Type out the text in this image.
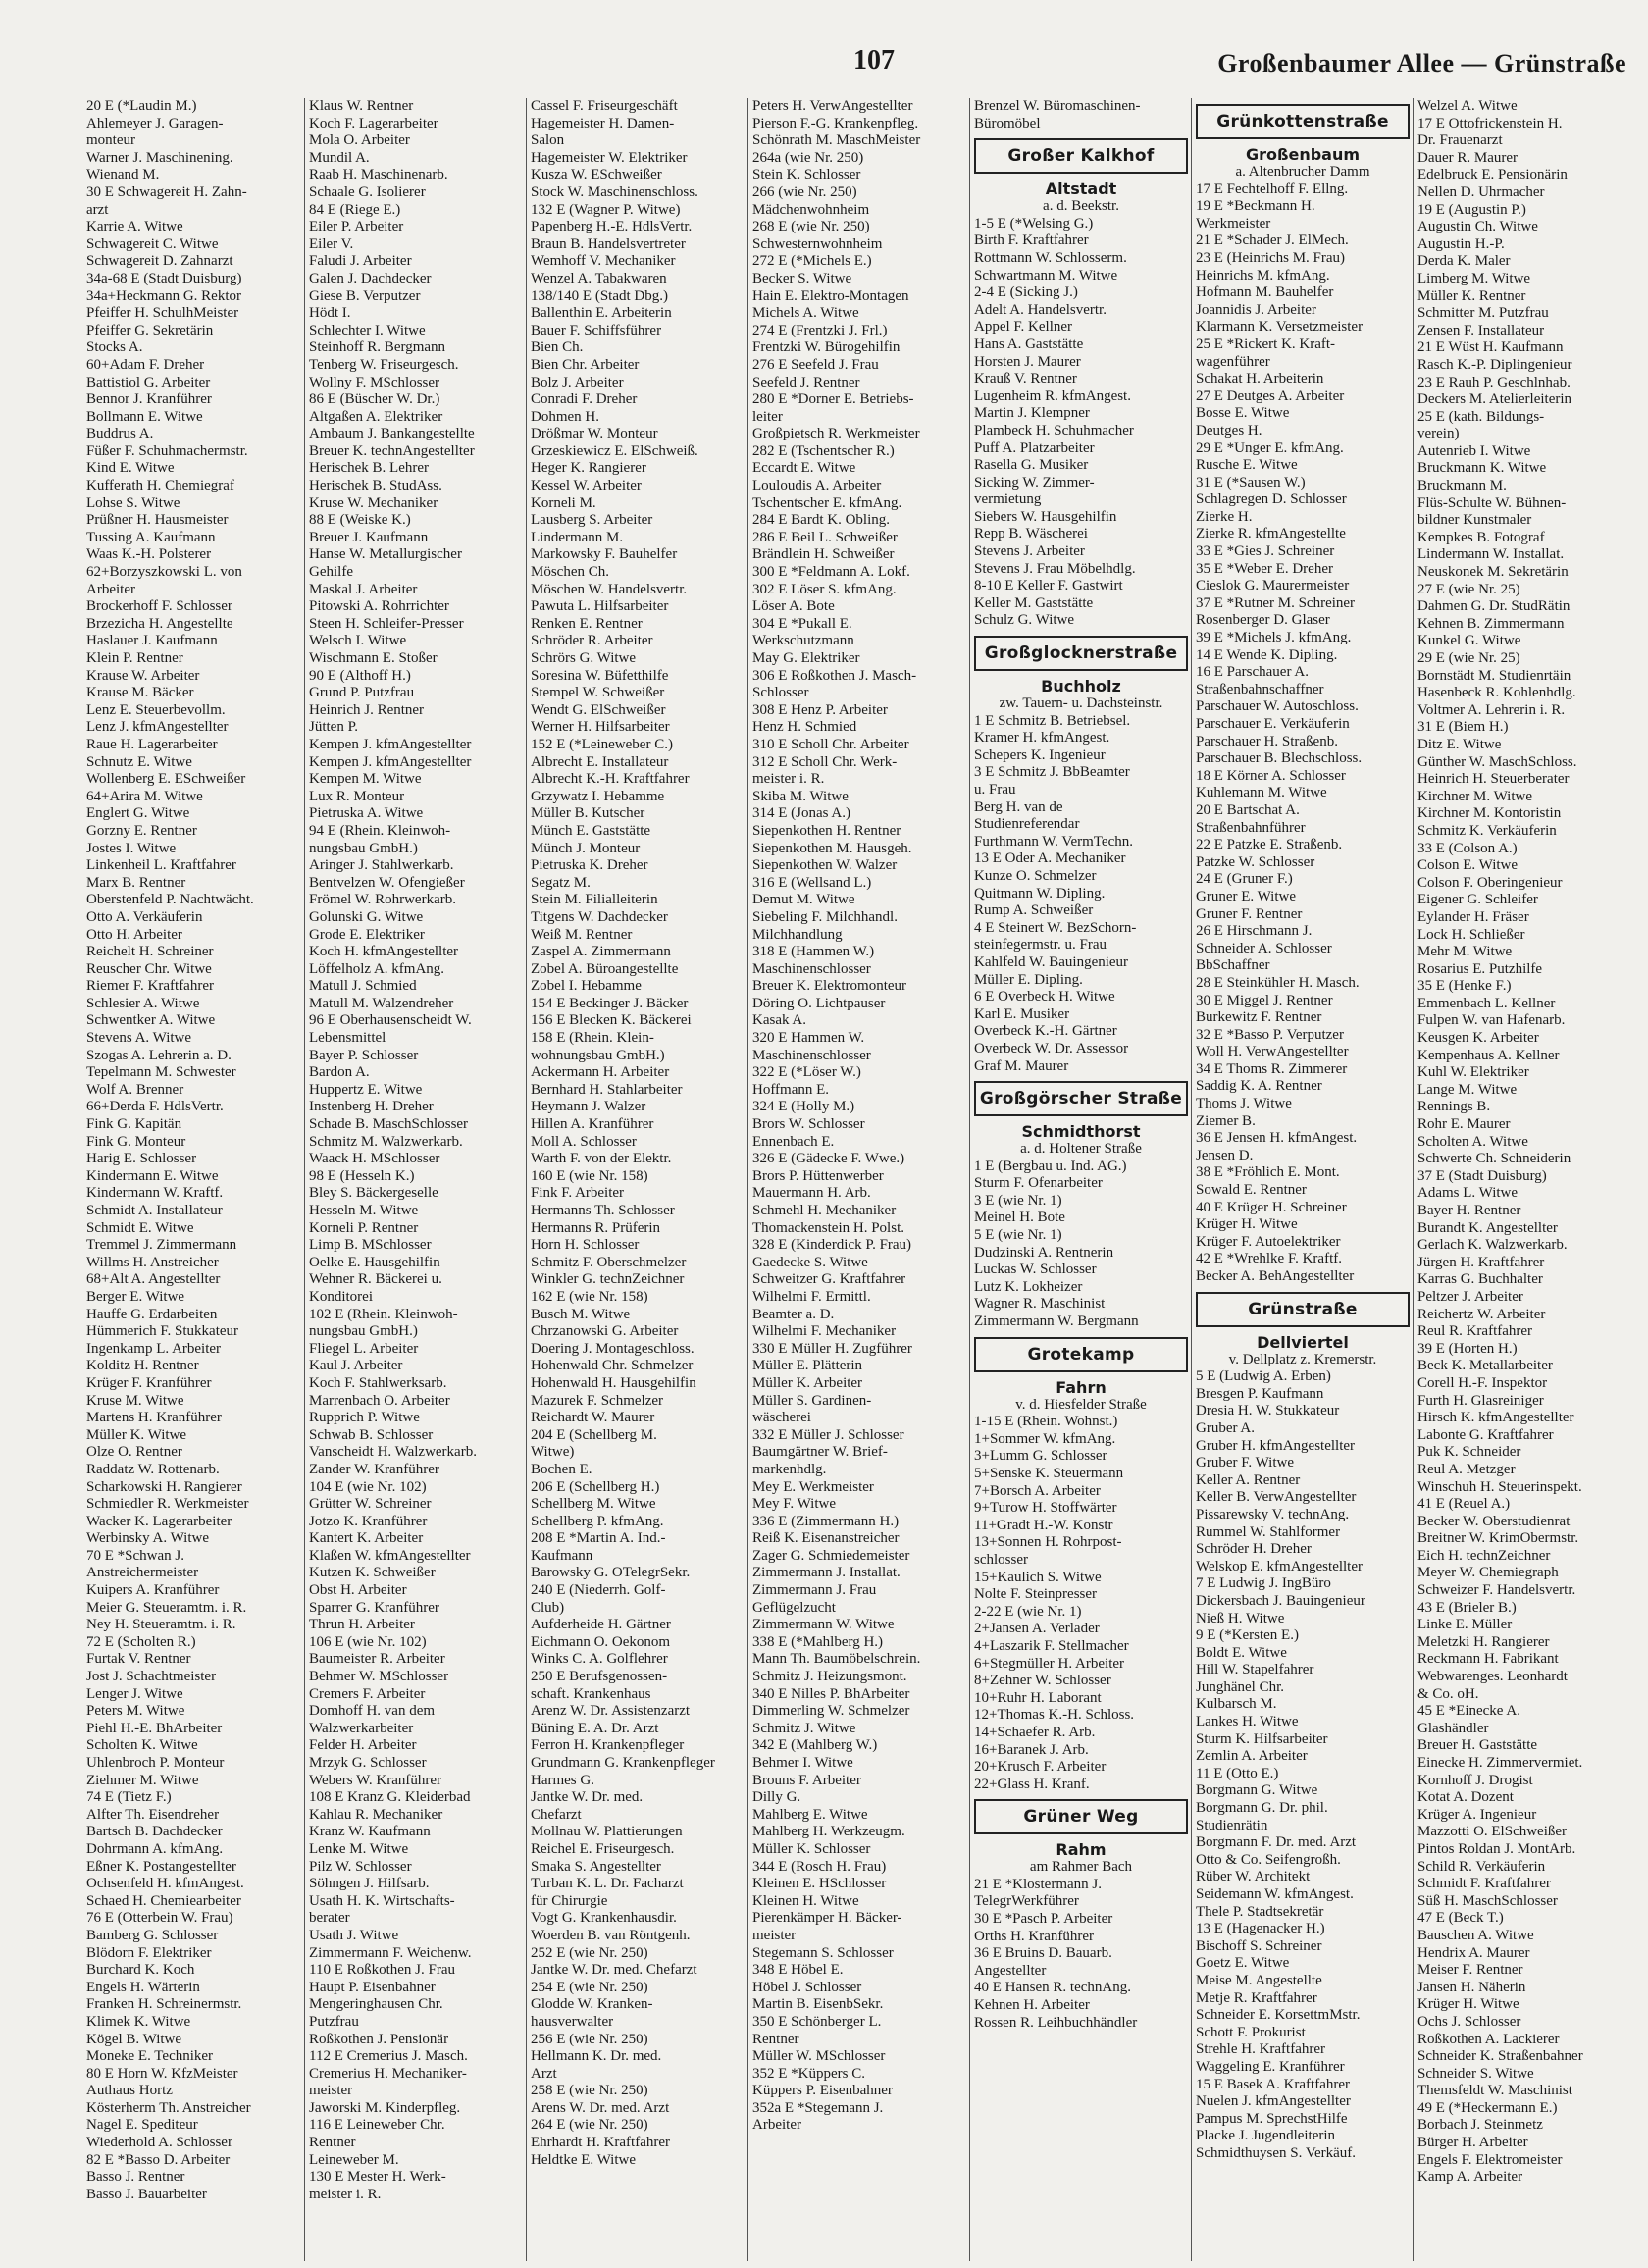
107	Großenbaumer Allee — Grünstraße
20 E (*Laudin M.)
Ahlemeyer J. Garagen-
monteur
Warner J. Maschinening.
Wienand M.
30 E Schwagereit H. Zahn-
arzt
Karrie A. Witwe
Schwagereit C. Witwe
Schwagereit D. Zahnarzt
34a-68 E (Stadt Duisburg)
34a+Heckmann G. Rektor
Pfeiffer H. SchulhMeister
Pfeiffer G. Sekretärin
Stocks A.
60+Adam F. Dreher
Battistiol G. Arbeiter
Bennor J. Kranführer
Bollmann E. Witwe
Buddrus A.
Füßer F. Schuhmachermstr.
Kind E. Witwe
Kufferath H. Chemiegraf
Lohse S. Witwe
Prüßner H. Hausmeister
Tussing A. Kaufmann
Waas K.-H. Polsterer
62+Borzyszkowski L. von
Arbeiter
Brockerhoff F. Schlosser
Brzezicha H. Angestellte
Haslauer J. Kaufmann
Klein P. Rentner
Krause W. Arbeiter
Krause M. Bäcker
Lenz E. Steuerbevollm.
Lenz J. kfmAngestellter
Raue H. Lagerarbeiter
Schnutz E. Witwe
Wollenberg E. ESchweißer
64+Arira M. Witwe
Englert G. Witwe
Gorzny E. Rentner
Jostes I. Witwe
Linkenheil L. Kraftfahrer
Marx B. Rentner
Oberstenfeld P. Nachtwächt.
Otto A. Verkäuferin
Otto H. Arbeiter
Reichelt H. Schreiner
Reuscher Chr. Witwe
Riemer F. Kraftfahrer
Schlesier A. Witwe
Schwentker A. Witwe
Stevens A. Witwe
Szogas A. Lehrerin a. D.
Tepelmann M. Schwester
Wolf A. Brenner
66+Derda F. HdlsVertr.
Fink G. Kapitän
Fink G. Monteur
Harig E. Schlosser
Kindermann E. Witwe
Kindermann W. Kraftf.
Schmidt A. Installateur
Schmidt E. Witwe
Tremmel J. Zimmermann
Willms H. Anstreicher
68+Alt A. Angestellter
Berger E. Witwe
Hauffe G. Erdarbeiten
Hümmerich F. Stukkateur
Ingenkamp L. Arbeiter
Kolditz H. Rentner
Krüger F. Kranführer
Kruse M. Witwe
Martens H. Kranführer
Müller K. Witwe
Olze O. Rentner
Raddatz W. Rottenarb.
Scharkowski H. Rangierer
Schmiedler R. Werkmeister
Wacker K. Lagerarbeiter
Werbinsky A. Witwe
70 E *Schwan J.
Anstreichermeister
Kuipers A. Kranführer
Meier G. Steueramtm. i. R.
Ney H. Steueramtm. i. R.
72 E (Scholten R.)
Furtak V. Rentner
Jost J. Schachtmeister
Lenger J. Witwe
Peters M. Witwe
Piehl H.-E. BhArbeiter
Scholten K. Witwe
Uhlenbroch P. Monteur
Ziehmer M. Witwe
74 E (Tietz F.)
Alfter Th. Eisendreher
Bartsch B. Dachdecker
Dohrmann A. kfmAng.
Eßner K. Postangestellter
Ochsenfeld H. kfmAngest.
Schaed H. Chemiearbeiter
76 E (Otterbein W. Frau)
Bamberg G. Schlosser
Blödorn F. Elektriker
Burchard K. Koch
Engels H. Wärterin
Franken H. Schreinermstr.
Klimek K. Witwe
Kögel B. Witwe
Moneke E. Techniker
80 E Horn W. KfzMeister
Authaus Hortz
Kösterherm Th. Anstreicher
Nagel E. Spediteur
Wiederhold A. Schlosser
82 E *Basso D. Arbeiter
Basso J. Rentner
Basso J. Bauarbeiter
Klaus W. Rentner
Koch F. Lagerarbeiter
Mola O. Arbeiter
Mundil A.
Raab H. Maschinenarb.
Schaale G. Isolierer
84 E (Riege E.)
Eiler P. Arbeiter
Eiler V.
Faludi J. Arbeiter
Galen J. Dachdecker
Giese B. Verputzer
Hödt I.
Schlechter I. Witwe
Steinhoff R. Bergmann
Tenberg W. Friseurgesch.
Wollny F. MSchlosser
86 E (Büscher W. Dr.)
Altgaßen A. Elektriker
Ambaum J. Bankangestellte
Breuer K. technAngestellter
Herischek B. Lehrer
Herischek B. StudAss.
Kruse W. Mechaniker
88 E (Weiske K.)
Breuer J. Kaufmann
Hanse W. Metallurgischer
Gehilfe
Maskal J. Arbeiter
Pitowski A. Rohrrichter
Steen H. Schleifer-Presser
Welsch I. Witwe
Wischmann E. Stoßer
90 E (Althoff H.)
Grund P. Putzfrau
Heinrich J. Rentner
Jütten P.
Kempen J. kfmAngestellter
Kempen J. kfmAngestellter
Kempen M. Witwe
Lux R. Monteur
Pietruska A. Witwe
94 E (Rhein. Kleinwoh-
nungsbau GmbH.)
Aringer J. Stahlwerkarb.
Bentvelzen W. Ofengießer
Frömel W. Rohrwerkarb.
Golunski G. Witwe
Grode E. Elektriker
Koch H. kfmAngestellter
Löffelholz A. kfmAng.
Matull J. Schmied
Matull M. Walzendreher
96 E Oberhausenscheidt W.
Lebensmittel
Bayer P. Schlosser
Bardon A.
Huppertz E. Witwe
Instenberg H. Dreher
Schade B. MaschSchlosser
Schmitz M. Walzwerkarb.
Waack H. MSchlosser
98 E (Hesseln K.)
Bley S. Bäckergeselle
Hesseln M. Witwe
Korneli P. Rentner
Limp B. MSchlosser
Oelke E. Hausgehilfin
Wehner R. Bäckerei u.
Konditorei
102 E (Rhein. Kleinwoh-
nungsbau GmbH.)
Fliegel L. Arbeiter
Kaul J. Arbeiter
Koch F. Stahlwerksarb.
Marrenbach O. Arbeiter
Rupprich P. Witwe
Schwab B. Schlosser
Vanscheidt H. Walzwerkarb.
Zander W. Kranführer
104 E (wie Nr. 102)
Grütter W. Schreiner
Jotzo K. Kranführer
Kantert K. Arbeiter
Klaßen W. kfmAngestellter
Kutzen K. Schweißer
Obst H. Arbeiter
Sparrer G. Kranführer
Thrun H. Arbeiter
106 E (wie Nr. 102)
Baumeister R. Arbeiter
Behmer W. MSchlosser
Cremers F. Arbeiter
Domhoff H. van dem
Walzwerkarbeiter
Felder H. Arbeiter
Mrzyk G. Schlosser
Webers W. Kranführer
108 E Kranz G. Kleiderbad
Kahlau R. Mechaniker
Kranz W. Kaufmann
Lenke M. Witwe
Pilz W. Schlosser
Söhngen J. Hilfsarb.
Usath H. K. Wirtschafts-
berater
Usath J. Witwe
Zimmermann F. Weichenw.
110 E Roßkothen J. Frau
Haupt P. Eisenbahner
Mengeringhausen Chr.
Putzfrau
Roßkothen J. Pensionär
112 E Cremerius J. Masch.
Cremerius H. Mechaniker-
meister
Jaworski M. Kinderpfleg.
116 E Leineweber Chr.
Rentner
Leineweber M.
130 E Mester H. Werk-
meister i. R.
Cassel F. Friseurgeschäft
Hagemeister H. Damen-
Salon
Hagemeister W. Elektriker
Kusza W. ESchweißer
Stock W. Maschinenschloss.
132 E (Wagner P. Witwe)
Papenberg H.-E. HdlsVertr.
Braun B. Handelsvertreter
Wemhoff V. Mechaniker
Wenzel A. Tabakwaren
138/140 E (Stadt Dbg.)
Ballenthin E. Arbeiterin
Bauer F. Schiffsführer
Bien Ch.
Bien Chr. Arbeiter
Bolz J. Arbeiter
Conradi F. Dreher
Dohmen H.
Drößmar W. Monteur
Grzeskiewicz E. ElSchweiß.
Heger K. Rangierer
Kessel W. Arbeiter
Korneli M.
Lausberg S. Arbeiter
Lindermann M.
Markowsky F. Bauhelfer
Möschen Ch.
Möschen W. Handelsvertr.
Pawuta L. Hilfsarbeiter
Renken E. Rentner
Schröder R. Arbeiter
Schrörs G. Witwe
Soresina W. Büfetthilfe
Stempel W. Schweißer
Wendt G. ElSchweißer
Werner H. Hilfsarbeiter
152 E (*Leineweber C.)
Albrecht E. Installateur
Albrecht K.-H. Kraftfahrer
Grzywatz I. Hebamme
Müller B. Kutscher
Münch E. Gaststätte
Münch J. Monteur
Pietruska K. Dreher
Segatz M.
Stein M. Filialleiterin
Titgens W. Dachdecker
Weiß M. Rentner
Zaspel A. Zimmermann
Zobel A. Büroangestellte
Zobel I. Hebamme
154 E Beckinger J. Bäcker
156 E Blecken K. Bäckerei
158 E (Rhein. Klein-
wohnungsbau GmbH.)
Ackermann H. Arbeiter
Bernhard H. Stahlarbeiter
Heymann J. Walzer
Hillen A. Kranführer
Moll A. Schlosser
Warth F. von der Elektr.
160 E (wie Nr. 158)
Fink F. Arbeiter
Hermanns Th. Schlosser
Hermanns R. Prüferin
Horn H. Schlosser
Schmitz F. Oberschmelzer
Winkler G. technZeichner
162 E (wie Nr. 158)
Busch M. Witwe
Chrzanowski G. Arbeiter
Doering J. Montageschloss.
Hohenwald Chr. Schmelzer
Hohenwald H. Hausgehilfin
Mazurek F. Schmelzer
Reichardt W. Maurer
204 E (Schellberg M.
Witwe)
Bochen E.
206 E (Schellberg H.)
Schellberg M. Witwe
Schellberg P. kfmAng.
208 E *Martin A. Ind.-
Kaufmann
Barowsky G. OTelegrSekr.
240 E (Niederrh. Golf-
Club)
Aufderheide H. Gärtner
Eichmann O. Oekonom
Winks C. A. Golflehrer
250 E Berufsgenossen-
schaft. Krankenhaus
Arenz W. Dr. Assistenzarzt
Büning E. A. Dr. Arzt
Ferron H. Krankenpfleger
Grundmann G. Krankenpfleger
Harmes G.
Jantke W. Dr. med.
Chefarzt
Mollnau W. Plattierungen
Reichel E. Friseurgesch.
Smaka S. Angestellter
Turban K. L. Dr. Facharzt
für Chirurgie
Vogt G. Krankenhausdir.
Woerden B. van Röntgenh.
252 E (wie Nr. 250)
Jantke W. Dr. med. Chefarzt
254 E (wie Nr. 250)
Glodde W. Kranken-
hausverwalter
256 E (wie Nr. 250)
Hellmann K. Dr. med.
Arzt
258 E (wie Nr. 250)
Arens W. Dr. med. Arzt
264 E (wie Nr. 250)
Ehrhardt H. Kraftfahrer
Heldtke E. Witwe
Peters H. VerwAngestellter
Pierson F.-G. Krankenpfleg.
Schönrath M. MaschMeister
264a (wie Nr. 250)
Stein K. Schlosser
266 (wie Nr. 250)
Mädchenwohnheim
268 E (wie Nr. 250)
Schwesternwohnheim
272 E (*Michels E.)
Becker S. Witwe
Hain E. Elektro-Montagen
Michels A. Witwe
274 E (Frentzki J. Frl.)
Frentzki W. Bürogehilfin
276 E Seefeld J. Frau
Seefeld J. Rentner
280 E *Dorner E. Betriebs-
leiter
Großpietsch R. Werkmeister
282 E (Tschentscher R.)
Eccardt E. Witwe
Louloudis A. Arbeiter
Tschentscher E. kfmAng.
284 E Bardt K. Obling.
286 E Beil L. Schweißer
Brändlein H. Schweißer
300 E *Feldmann A. Lokf.
302 E Löser S. kfmAng.
Löser A. Bote
304 E *Pukall E.
Werkschutzmann
May G. Elektriker
306 E Roßkothen J. Masch-
Schlosser
308 E Henz P. Arbeiter
Henz H. Schmied
310 E Scholl Chr. Arbeiter
312 E Scholl Chr. Werk-
meister i. R.
Skiba M. Witwe
314 E (Jonas A.)
Siepenkothen H. Rentner
Siepenkothen M. Hausgeh.
Siepenkothen W. Walzer
316 E (Wellsand L.)
Demut M. Witwe
Siebeling F. Milchhandl.
Milchhandlung
318 E (Hammen W.)
Maschinenschlosser
Breuer K. Elektromonteur
Döring O. Lichtpauser
Kasak A.
320 E Hammen W.
Maschinenschlosser
322 E (*Löser W.)
Hoffmann E.
324 E (Holly M.)
Brors W. Schlosser
Ennenbach E.
326 E (Gädecke F. Wwe.)
Brors P. Hüttenwerber
Mauermann H. Arb.
Schmehl H. Mechaniker
Thomackenstein H. Polst.
328 E (Kinderdick P. Frau)
Gaedecke S. Witwe
Schweitzer G. Kraftfahrer
Wilhelmi F. Ermittl.
Beamter a. D.
Wilhelmi F. Mechaniker
330 E Müller H. Zugführer
Müller E. Plätterin
Müller K. Arbeiter
Müller S. Gardinen-
wäscherei
332 E Müller J. Schlosser
Baumgärtner W. Brief-
markenhdlg.
Mey E. Werkmeister
Mey F. Witwe
336 E (Zimmermann H.)
Reiß K. Eisenanstreicher
Zager G. Schmiedemeister
Zimmermann J. Installat.
Zimmermann J. Frau
Geflügelzucht
Zimmermann W. Witwe
338 E (*Mahlberg H.)
Mann Th. Baumöbelschrein.
Schmitz J. Heizungsmont.
340 E Nilles P. BhArbeiter
Dimmerling W. Schmelzer
Schmitz J. Witwe
342 E (Mahlberg W.)
Behmer I. Witwe
Brouns F. Arbeiter
Dilly G.
Mahlberg E. Witwe
Mahlberg H. Werkzeugm.
Müller K. Schlosser
344 E (Rosch H. Frau)
Kleinen E. HSchlosser
Kleinen H. Witwe
Pierenkämper H. Bäcker-
meister
Stegemann S. Schlosser
348 E Höbel E.
Höbel J. Schlosser
Martin B. EisenbSekr.
350 E Schönberger L.
Rentner
Müller W. MSchlosser
352 E *Küppers C.
Küppers P. Eisenbahner
352a E *Stegemann J.
Arbeiter
Brenzel W. Büromaschinen-
Büromöbel
Großer Kalkhof
Altstadt
a. d. Beekstr.
1-5 E (*Welsing G.)
Birth F. Kraftfahrer
Rottmann W. Schlosserm.
Schwartmann M. Witwe
2-4 E (Sicking J.)
Adelt A. Handelsvertr.
Appel F. Kellner
Hans A. Gaststätte
Horsten J. Maurer
Krauß V. Rentner
Lugenheim R. kfmAngest.
Martin J. Klempner
Plambeck H. Schuhmacher
Puff A. Platzarbeiter
Rasella G. Musiker
Sicking W. Zimmer-
vermietung
Siebers W. Hausgehilfin
Repp B. Wäscherei
Stevens J. Arbeiter
Stevens J. Frau Möbelhdlg.
8-10 E Keller F. Gastwirt
Keller M. Gaststätte
Schulz G. Witwe
Großglocknerstraße
Buchholz
zw. Tauern- u. Dachsteinstr.
1 E Schmitz B. Betriebsel.
Kramer H. kfmAngest.
Schepers K. Ingenieur
3 E Schmitz J. BbBeamter
u. Frau
Berg H. van de
Studienreferendar
Furthmann W. VermTechn.
13 E Oder A. Mechaniker
Kunze O. Schmelzer
Quitmann W. Dipling.
Rump A. Schweißer
4 E Steinert W. BezSchorn-
steinfegermstr. u. Frau
Kahlfeld W. Bauingenieur
Müller E. Dipling.
6 E Overbeck H. Witwe
Karl E. Musiker
Overbeck K.-H. Gärtner
Overbeck W. Dr. Assessor
Graf M. Maurer
Großgörscher Straße
Schmidthorst
a. d. Holtener Straße
1 E (Bergbau u. Ind. AG.)
Sturm F. Ofenarbeiter
3 E (wie Nr. 1)
Meinel H. Bote
5 E (wie Nr. 1)
Dudzinski A. Rentnerin
Luckas W. Schlosser
Lutz K. Lokheizer
Wagner R. Maschinist
Zimmermann W. Bergmann
Grotekamp
Fahrn
v. d. Hiesfelder Straße
1-15 E (Rhein. Wohnst.)
1+Sommer W. kfmAng.
3+Lumm G. Schlosser
5+Senske K. Steuermann
7+Borsch A. Arbeiter
9+Turow H. Stoffwärter
11+Gradt H.-W. Konstr
13+Sonnen H. Rohrpost-
schlosser
15+Kaulich S. Witwe
Nolte F. Steinpresser
2-22 E (wie Nr. 1)
2+Jansen A. Verlader
4+Laszarik F. Stellmacher
6+Stegmüller H. Arbeiter
8+Zehner W. Schlosser
10+Ruhr H. Laborant
12+Thomas K.-H. Schloss.
14+Schaefer R. Arb.
16+Baranek J. Arb.
20+Krusch F. Arbeiter
22+Glass H. Kranf.
Grüner Weg
Rahm
am Rahmer Bach
21 E *Klostermann J.
TelegrWerkführer
30 E *Pasch P. Arbeiter
Orths H. Kranführer
36 E Bruins D. Bauarb.
Angestellter
40 E Hansen R. technAng.
Kehnen H. Arbeiter
Rossen R. Leihbuchhändler
Grünkottenstraße
Großenbaum
a. Altenbrucher Damm
17 E Fechtelhoff F. Ellng.
19 E *Beckmann H.
Werkmeister
21 E *Schader J. ElMech.
23 E (Heinrichs M. Frau)
Heinrichs M. kfmAng.
Hofmann M. Bauhelfer
Joannidis J. Arbeiter
Klarmann K. Versetzmeister
25 E *Rickert K. Kraft-
wagenführer
Schakat H. Arbeiterin
27 E Deutges A. Arbeiter
Bosse E. Witwe
Deutges H.
29 E *Unger E. kfmAng.
Rusche E. Witwe
31 E (*Sausen W.)
Schlagregen D. Schlosser
Zierke H.
Zierke R. kfmAngestellte
33 E *Gies J. Schreiner
35 E *Weber E. Dreher
Cieslok G. Maurermeister
37 E *Rutner M. Schreiner
Rosenberger D. Glaser
39 E *Michels J. kfmAng.
14 E Wende K. Dipling.
16 E Parschauer A.
Straßenbahnschaffner
Parschauer W. Autoschloss.
Parschauer E. Verkäuferin
Parschauer H. Straßenb.
Parschauer B. Blechschloss.
18 E Körner A. Schlosser
Kuhlemann M. Witwe
20 E Bartschat A.
Straßenbahnführer
22 E Patzke E. Straßenb.
Patzke W. Schlosser
24 E (Gruner F.)
Gruner E. Witwe
Gruner F. Rentner
26 E Hirschmann J.
Schneider A. Schlosser
BbSchaffner
28 E Steinkühler H. Masch.
30 E Miggel J. Rentner
Burkewitz F. Rentner
32 E *Basso P. Verputzer
Woll H. VerwAngestellter
34 E Thoms R. Zimmerer
Saddig K. A. Rentner
Thoms J. Witwe
Ziemer B.
36 E Jensen H. kfmAngest.
Jensen D.
38 E *Fröhlich E. Mont.
Sowald E. Rentner
40 E Krüger H. Schreiner
Krüger H. Witwe
Krüger F. Autoelektriker
42 E *Wrehlke F. Kraftf.
Becker A. BehAngestellter
Grünstraße
Dellviertel
v. Dellplatz z. Kremerstr.
5 E (Ludwig A. Erben)
Bresgen P. Kaufmann
Dresia H. W. Stukkateur
Gruber A.
Gruber H. kfmAngestellter
Gruber F. Witwe
Keller A. Rentner
Keller B. VerwAngestellter
Pissarewsky V. technAng.
Rummel W. Stahlformer
Schröder H. Dreher
Welskop E. kfmAngestellter
7 E Ludwig J. IngBüro
Dickersbach J. Bauingenieur
Nieß H. Witwe
9 E (*Kersten E.)
Boldt E. Witwe
Hill W. Stapelfahrer
Junghänel Chr.
Kulbarsch M.
Lankes H. Witwe
Sturm K. Hilfsarbeiter
Zemlin A. Arbeiter
11 E (Otto E.)
Borgmann G. Witwe
Borgmann G. Dr. phil.
Studienrätin
Borgmann F. Dr. med. Arzt
Otto & Co. Seifengroßh.
Rüber W. Architekt
Seidemann W. kfmAngest.
Thele P. Stadtsekretär
13 E (Hagenacker H.)
Bischoff S. Schreiner
Goetz E. Witwe
Meise M. Angestellte
Metje R. Kraftfahrer
Schneider E. KorsettmMstr.
Schott F. Prokurist
Strehle H. Kraftfahrer
Waggeling E. Kranführer
15 E Basek A. Kraftfahrer
Nuelen J. kfmAngestellter
Pampus M. SprechstHilfe
Placke J. Jugendleiterin
Schmidthuysen S. Verkäuf.
Welzel A. Witwe
17 E Ottofrickenstein H.
Dr. Frauenarzt
Dauer R. Maurer
Edelbruck E. Pensionärin
Nellen D. Uhrmacher
19 E (Augustin P.)
Augustin Ch. Witwe
Augustin H.-P.
Derda K. Maler
Limberg M. Witwe
Müller K. Rentner
Schmitter M. Putzfrau
Zensen F. Installateur
21 E Wüst H. Kaufmann
Rasch K.-P. Diplingenieur
23 E Rauh P. Geschlnhab.
Deckers M. Atelierleiterin
25 E (kath. Bildungs-
verein)
Autenrieb I. Witwe
Bruckmann K. Witwe
Bruckmann M.
Flüs-Schulte W. Bühnen-
bildner Kunstmaler
Kempkes B. Fotograf
Lindermann W. Installat.
Neuskonek M. Sekretärin
27 E (wie Nr. 25)
Dahmen G. Dr. StudRätin
Kehnen B. Zimmermann
Kunkel G. Witwe
29 E (wie Nr. 25)
Bornstädt M. Studienrtäin
Hasenbeck R. Kohlenhdlg.
Voltmer A. Lehrerin i. R.
31 E (Biem H.)
Ditz E. Witwe
Günther W. MaschSchloss.
Heinrich H. Steuerberater
Kirchner M. Witwe
Kirchner M. Kontoristin
Schmitz K. Verkäuferin
33 E (Colson A.)
Colson E. Witwe
Colson F. Oberingenieur
Eigener G. Schleifer
Eylander H. Fräser
Lock H. Schließer
Mehr M. Witwe
Rosarius E. Putzhilfe
35 E (Henke F.)
Emmenbach L. Kellner
Fulpen W. van Hafenarb.
Keusgen K. Arbeiter
Kempenhaus A. Kellner
Kuhl W. Elektriker
Lange M. Witwe
Rennings B.
Rohr E. Maurer
Scholten A. Witwe
Schwerte Ch. Schneiderin
37 E (Stadt Duisburg)
Adams L. Witwe
Bayer H. Rentner
Burandt K. Angestellter
Gerlach K. Walzwerkarb.
Jürgen H. Kraftfahrer
Karras G. Buchhalter
Peltzer J. Arbeiter
Reichertz W. Arbeiter
Reul R. Kraftfahrer
39 E (Horten H.)
Beck K. Metallarbeiter
Corell H.-F. Inspektor
Furth H. Glasreiniger
Hirsch K. kfmAngestellter
Labonte G. Kraftfahrer
Puk K. Schneider
Reul A. Metzger
Winschuh H. Steuerinspekt.
41 E (Reuel A.)
Becker W. Oberstudienrat
Breitner W. KrimObermstr.
Eich H. technZeichner
Meyer W. Chemiegraph
Schweizer F. Handelsvertr.
43 E (Brieler B.)
Linke E. Müller
Meletzki H. Rangierer
Reckmann H. Fabrikant
Webwarenges. Leonhardt
& Co. oH.
45 E *Einecke A.
Glashändler
Breuer H. Gaststätte
Einecke H. Zimmervermiet.
Kornhoff J. Drogist
Kotat A. Dozent
Krüger A. Ingenieur
Mazzotti O. ElSchweißer
Pintos Roldan J. MontArb.
Schild R. Verkäuferin
Schmidt F. Kraftfahrer
Süß H. MaschSchlosser
47 E (Beck T.)
Bauschen A. Witwe
Hendrix A. Maurer
Meiser F. Rentner
Jansen H. Näherin
Krüger H. Witwe
Ochs J. Schlosser
Roßkothen A. Lackierer
Schneider K. Straßenbahner
Schneider S. Witwe
Themsfeldt W. Maschinist
49 E (*Heckermann E.)
Borbach J. Steinmetz
Bürger H. Arbeiter
Engels F. Elektromeister
Kamp A. Arbeiter
